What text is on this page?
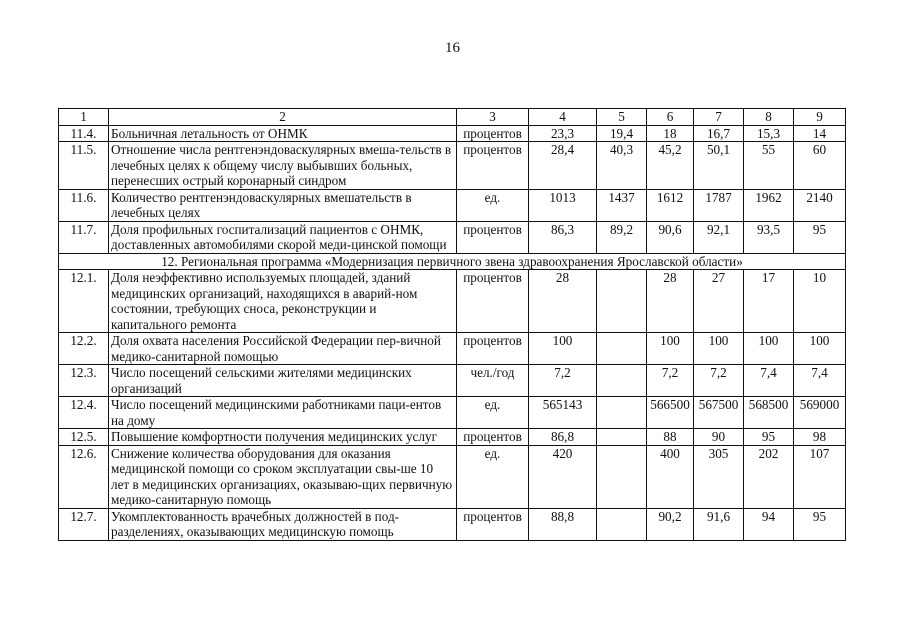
16
1	2	3	4	5	6	7	8	9
11.4.	Больничная летальность от ОНМК	процентов	23,3	19,4	18	16,7	15,3	14
11.5.	Отношение числа рентгенэндоваскулярных вмеша-тельств в лечебных целях к общему числу выбывших больных, перенесших острый коронарный синдром	процентов	28,4	40,3	45,2	50,1	55	60
11.6.	Количество рентгенэндоваскулярных вмешательств в лечебных целях	ед.	1013	1437	1612	1787	1962	2140
11.7.	Доля профильных госпитализаций пациентов с ОНМК, доставленных автомобилями скорой меди-цинской помощи	процентов	86,3	89,2	90,6	92,1	93,5	95
12. Региональная программа «Модернизация первичного звена здравоохранения Ярославской области»								
12.1.	Доля неэффективно используемых площадей, зданий медицинских организаций, находящихся в аварий-ном состоянии, требующих сноса, реконструкции и капитального ремонта	процентов	28		28	27	17	10
12.2.	Доля охвата населения Российской Федерации пер-вичной медико-санитарной помощью	процентов	100		100	100	100	100
12.3.	Число посещений сельскими жителями медицинских организаций	чел./год	7,2		7,2	7,2	7,4	7,4
12.4.	Число посещений медицинскими работниками паци-ентов на дому	ед.	565143		566500	567500	568500	569000
12.5.	Повышение комфортности получения медицинских услуг	процентов	86,8		88	90	95	98
12.6.	Снижение количества оборудования для оказания медицинской помощи со сроком эксплуатации свы-ше 10 лет в медицинских организациях, оказываю-щих первичную медико-санитарную помощь	ед.	420		400	305	202	107
12.7.	Укомплектованность врачебных должностей в под-разделениях, оказывающих медицинскую помощь	процентов	88,8		90,2	91,6	94	95
